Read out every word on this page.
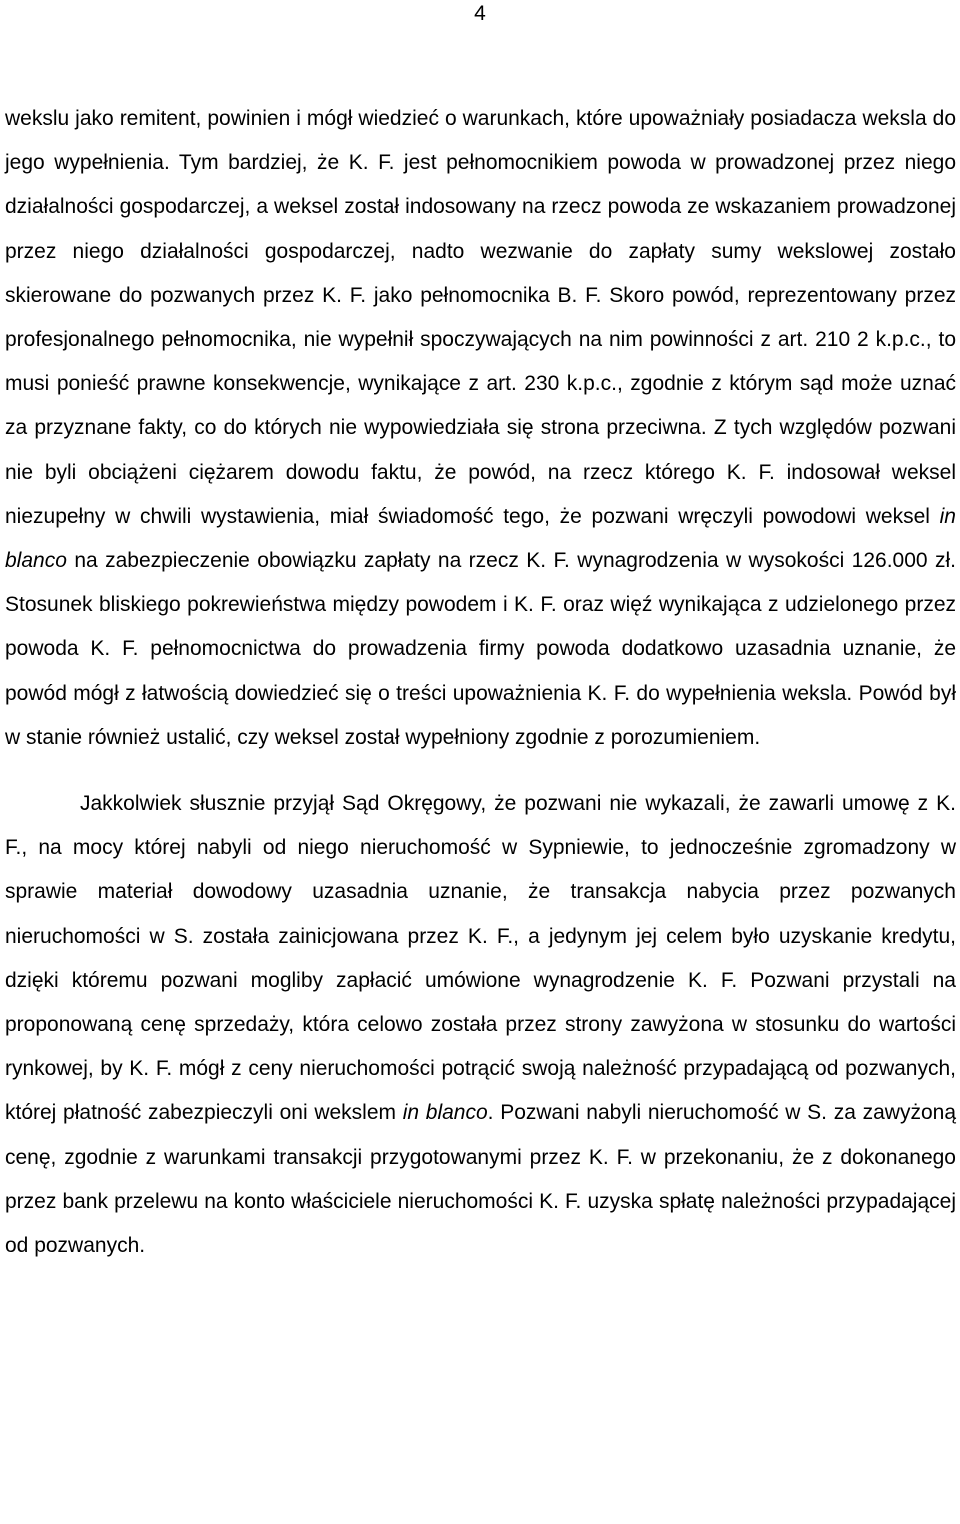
4

wekslu jako remitent, powinien i mógł wiedzieć o warunkach, które upoważniały posiadacza weksla do jego wypełnienia. Tym bardziej, że K. F. jest pełnomocnikiem powoda w prowadzonej przez niego działalności gospodarczej, a weksel został indosowany na rzecz powoda ze wskazaniem prowadzonej przez niego działalności gospodarczej, nadto wezwanie do zapłaty sumy wekslowej zostało skierowane do pozwanych przez K. F. jako pełnomocnika B. F. Skoro powód, reprezentowany przez profesjonalnego pełnomocnika, nie wypełnił spoczywających na nim powinności z art. 210 2 k.p.c., to musi ponieść prawne konsekwencje, wynikające z art. 230 k.p.c., zgodnie z którym sąd może uznać za przyznane fakty, co do których nie wypowiedziała się strona przeciwna. Z tych względów pozwani nie byli obciążeni ciężarem dowodu faktu, że powód, na rzecz którego K. F. indosował weksel niezupełny w chwili wystawienia, miał świadomość tego, że pozwani wręczyli powodowi weksel in blanco na zabezpieczenie obowiązku zapłaty na rzecz K. F. wynagrodzenia w wysokości 126.000 zł. Stosunek bliskiego pokrewieństwa między powodem i K. F. oraz więź wynikająca z udzielonego przez powoda K. F. pełnomocnictwa do prowadzenia firmy powoda dodatkowo uzasadnia uznanie, że powód mógł z łatwością dowiedzieć się o treści upoważnienia K. F. do wypełnienia weksla. Powód był w stanie również ustalić, czy weksel został wypełniony zgodnie z porozumieniem.

Jakkolwiek słusznie przyjął Sąd Okręgowy, że pozwani nie wykazali, że zawarli umowę z K. F., na mocy której nabyli od niego nieruchomość w Sypniewie, to jednocześnie zgromadzony w sprawie materiał dowodowy uzasadnia uznanie, że transakcja nabycia przez pozwanych nieruchomości w S. została zainicjowana przez K. F., a jedynym jej celem było uzyskanie kredytu, dzięki któremu pozwani mogliby zapłacić umówione wynagrodzenie K. F. Pozwani przystali na proponowaną cenę sprzedaży, która celowo została przez strony zawyżona w stosunku do wartości rynkowej, by K. F. mógł z ceny nieruchomości potrącić swoją należność przypadającą od pozwanych, której płatność zabezpieczyli oni wekslem in blanco. Pozwani nabyli nieruchomość w S. za zawyżoną cenę, zgodnie z warunkami transakcji przygotowanymi przez K. F. w przekonaniu, że z dokonanego przez bank przelewu na konto właściciele nieruchomości K. F. uzyska spłatę należności przypadającej od pozwanych.
